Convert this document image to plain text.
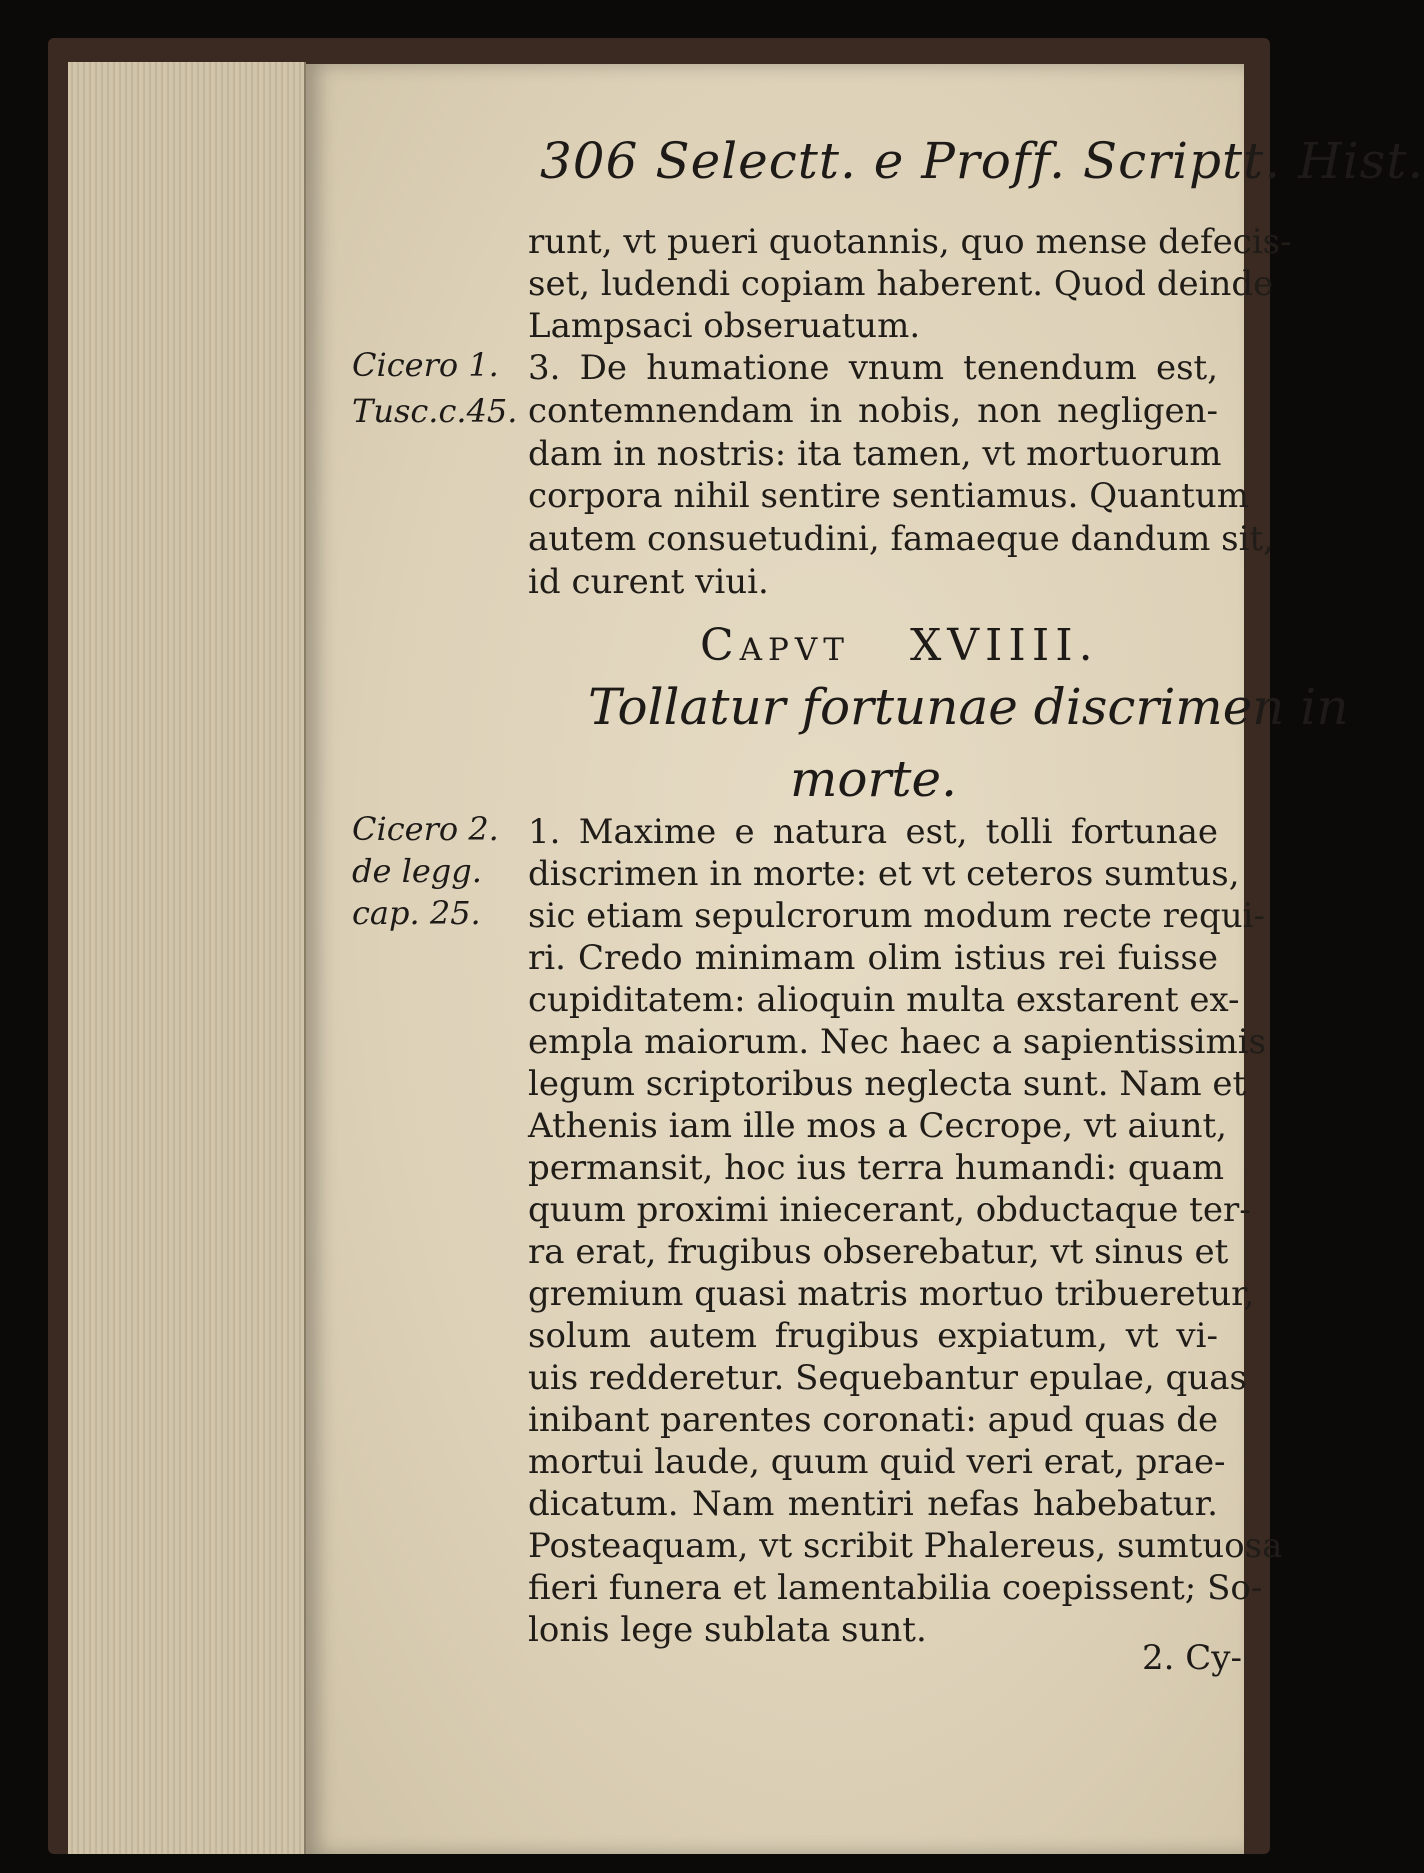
306 Selectt. e Proff. Scriptt. Hist.
runt, vt pueri quotannis, quo mense defecis-
set, ludendi copiam haberent. Quod deinde
Lampsaci obseruatum.
3. De humatione vnum tenendum est,
contemnendam in nobis, non negligen-
dam in nostris: ita tamen, vt mortuorum
corpora nihil sentire sentiamus. Quantum
autem consuetudini, famaeque dandum sit,
id curent viui.
Cicero 1.
Tusc.c.45.
Cicero 2.
de legg.
cap. 25.
Capvt XVIIII.
Tollatur fortunae discrimen in
morte.
1. Maxime e natura est, tolli fortunae
discrimen in morte: et vt ceteros sumtus,
sic etiam sepulcrorum modum recte requi-
ri. Credo minimam olim istius rei fuisse
cupiditatem: alioquin multa exstarent ex-
empla maiorum. Nec haec a sapientissimis
legum scriptoribus neglecta sunt. Nam et
Athenis iam ille mos a Cecrope, vt aiunt,
permansit, hoc ius terra humandi: quam
quum proximi iniecerant, obductaque ter-
ra erat, frugibus obserebatur, vt sinus et
gremium quasi matris mortuo tribueretur,
solum autem frugibus expiatum, vt vi-
uis redderetur. Sequebantur epulae, quas
inibant parentes coronati: apud quas de
mortui laude, quum quid veri erat, prae-
dicatum. Nam mentiri nefas habebatur.
Posteaquam, vt scribit Phalereus, sumtuosa
fieri funera et lamentabilia coepissent; So-
lonis lege sublata sunt.
2. Cy-
